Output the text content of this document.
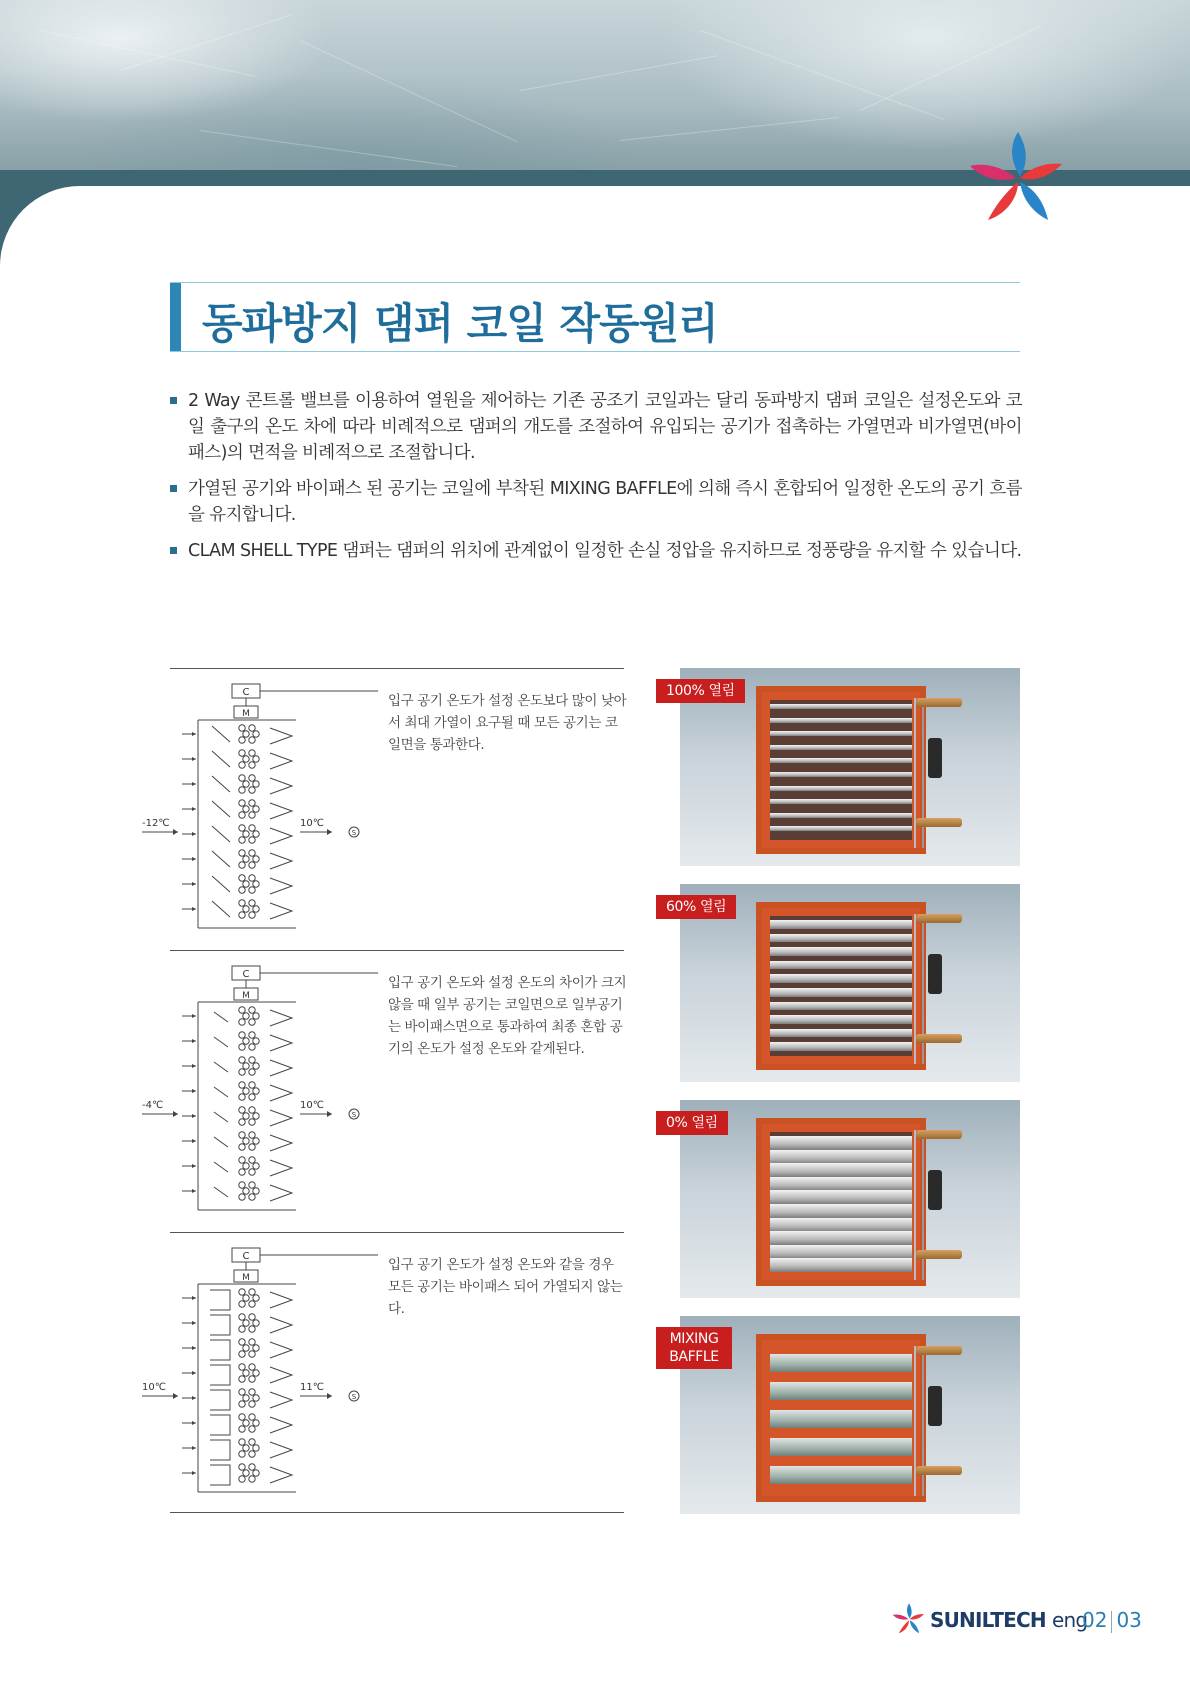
동파방지 댐퍼 코일 작동원리
2 Way 콘트롤 밸브를 이용하여 열원을 제어하는 기존 공조기 코일과는 달리 동파방지 댐퍼 코일은 설정온도와 코일 출구의 온도 차에 따라 비례적으로 댐퍼의 개도를 조절하여 유입되는 공기가 접촉하는 가열면과 비가열면(바이패스)의 면적을 비례적으로 조절합니다.
가열된 공기와 바이패스 된 공기는 코일에 부착된 MIXING BAFFLE에 의해 즉시 혼합되어 일정한 온도의 공기 흐름을 유지합니다.
CLAM SHELL TYPE 댐퍼는 댐퍼의 위치에 관계없이 일정한 손실 정압을 유지하므로 정풍량을 유지할 수 있습니다.
C
M
-12℃	10℃
S
입구 공기 온도가 설정 온도보다 많이 낮아서 최대 가열이 요구될 때 모든 공기는 코일면을 통과한다.
C
M
-4℃	10℃
S
입구 공기 온도와 설정 온도의 차이가 크지 않을 때 일부 공기는 코일면으로 일부공기는 바이패스면으로 통과하여 최종 혼합 공기의 온도가 설정 온도와 같게된다.
C
M
10℃	11℃
S
입구 공기 온도가 설정 온도와 같을 경우 모든 공기는 바이패스 되어 가열되지 않는다.
100% 열림
60% 열림
0% 열림
MIXING BAFFLE
SUNILTECH eng
02 03
